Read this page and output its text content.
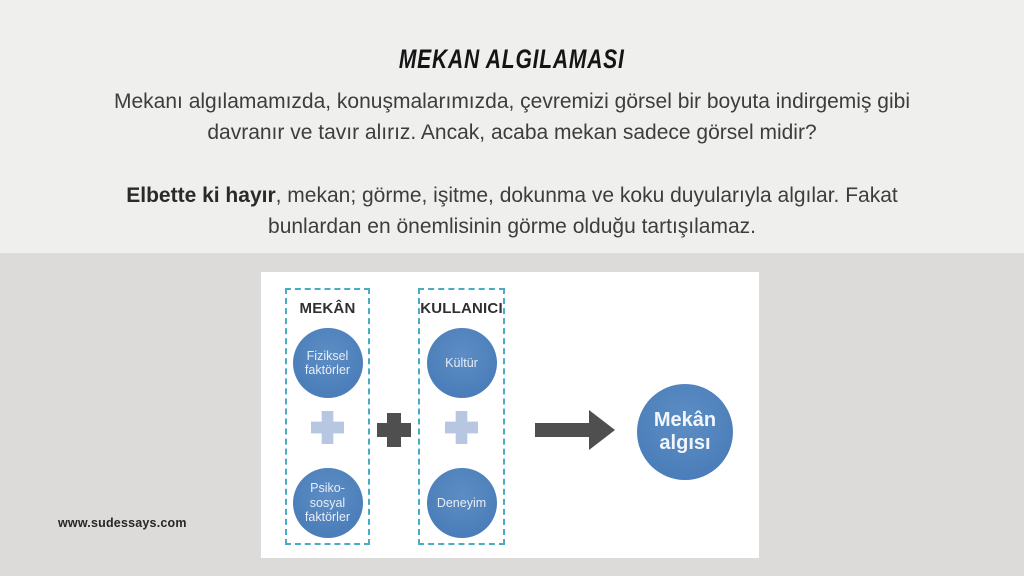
MEKAN ALGILAMASI

Mekanı algılamamızda, konuşmalarımızda, çevremizi görsel bir boyuta indirgemiş gibi davranır ve tavır alırız. Ancak, acaba mekan sadece görsel midir?

Elbette ki hayır, mekan; görme, işitme, dokunma ve koku duyularıyla algılar. Fakat bunlardan en önemlisinin görme olduğu tartışılamaz.

MEKÂN
Fiziksel faktörler
Psiko-sosyal faktörler
KULLANICI
Kültür
Deneyim
Mekân algısı
www.sudessays.com
